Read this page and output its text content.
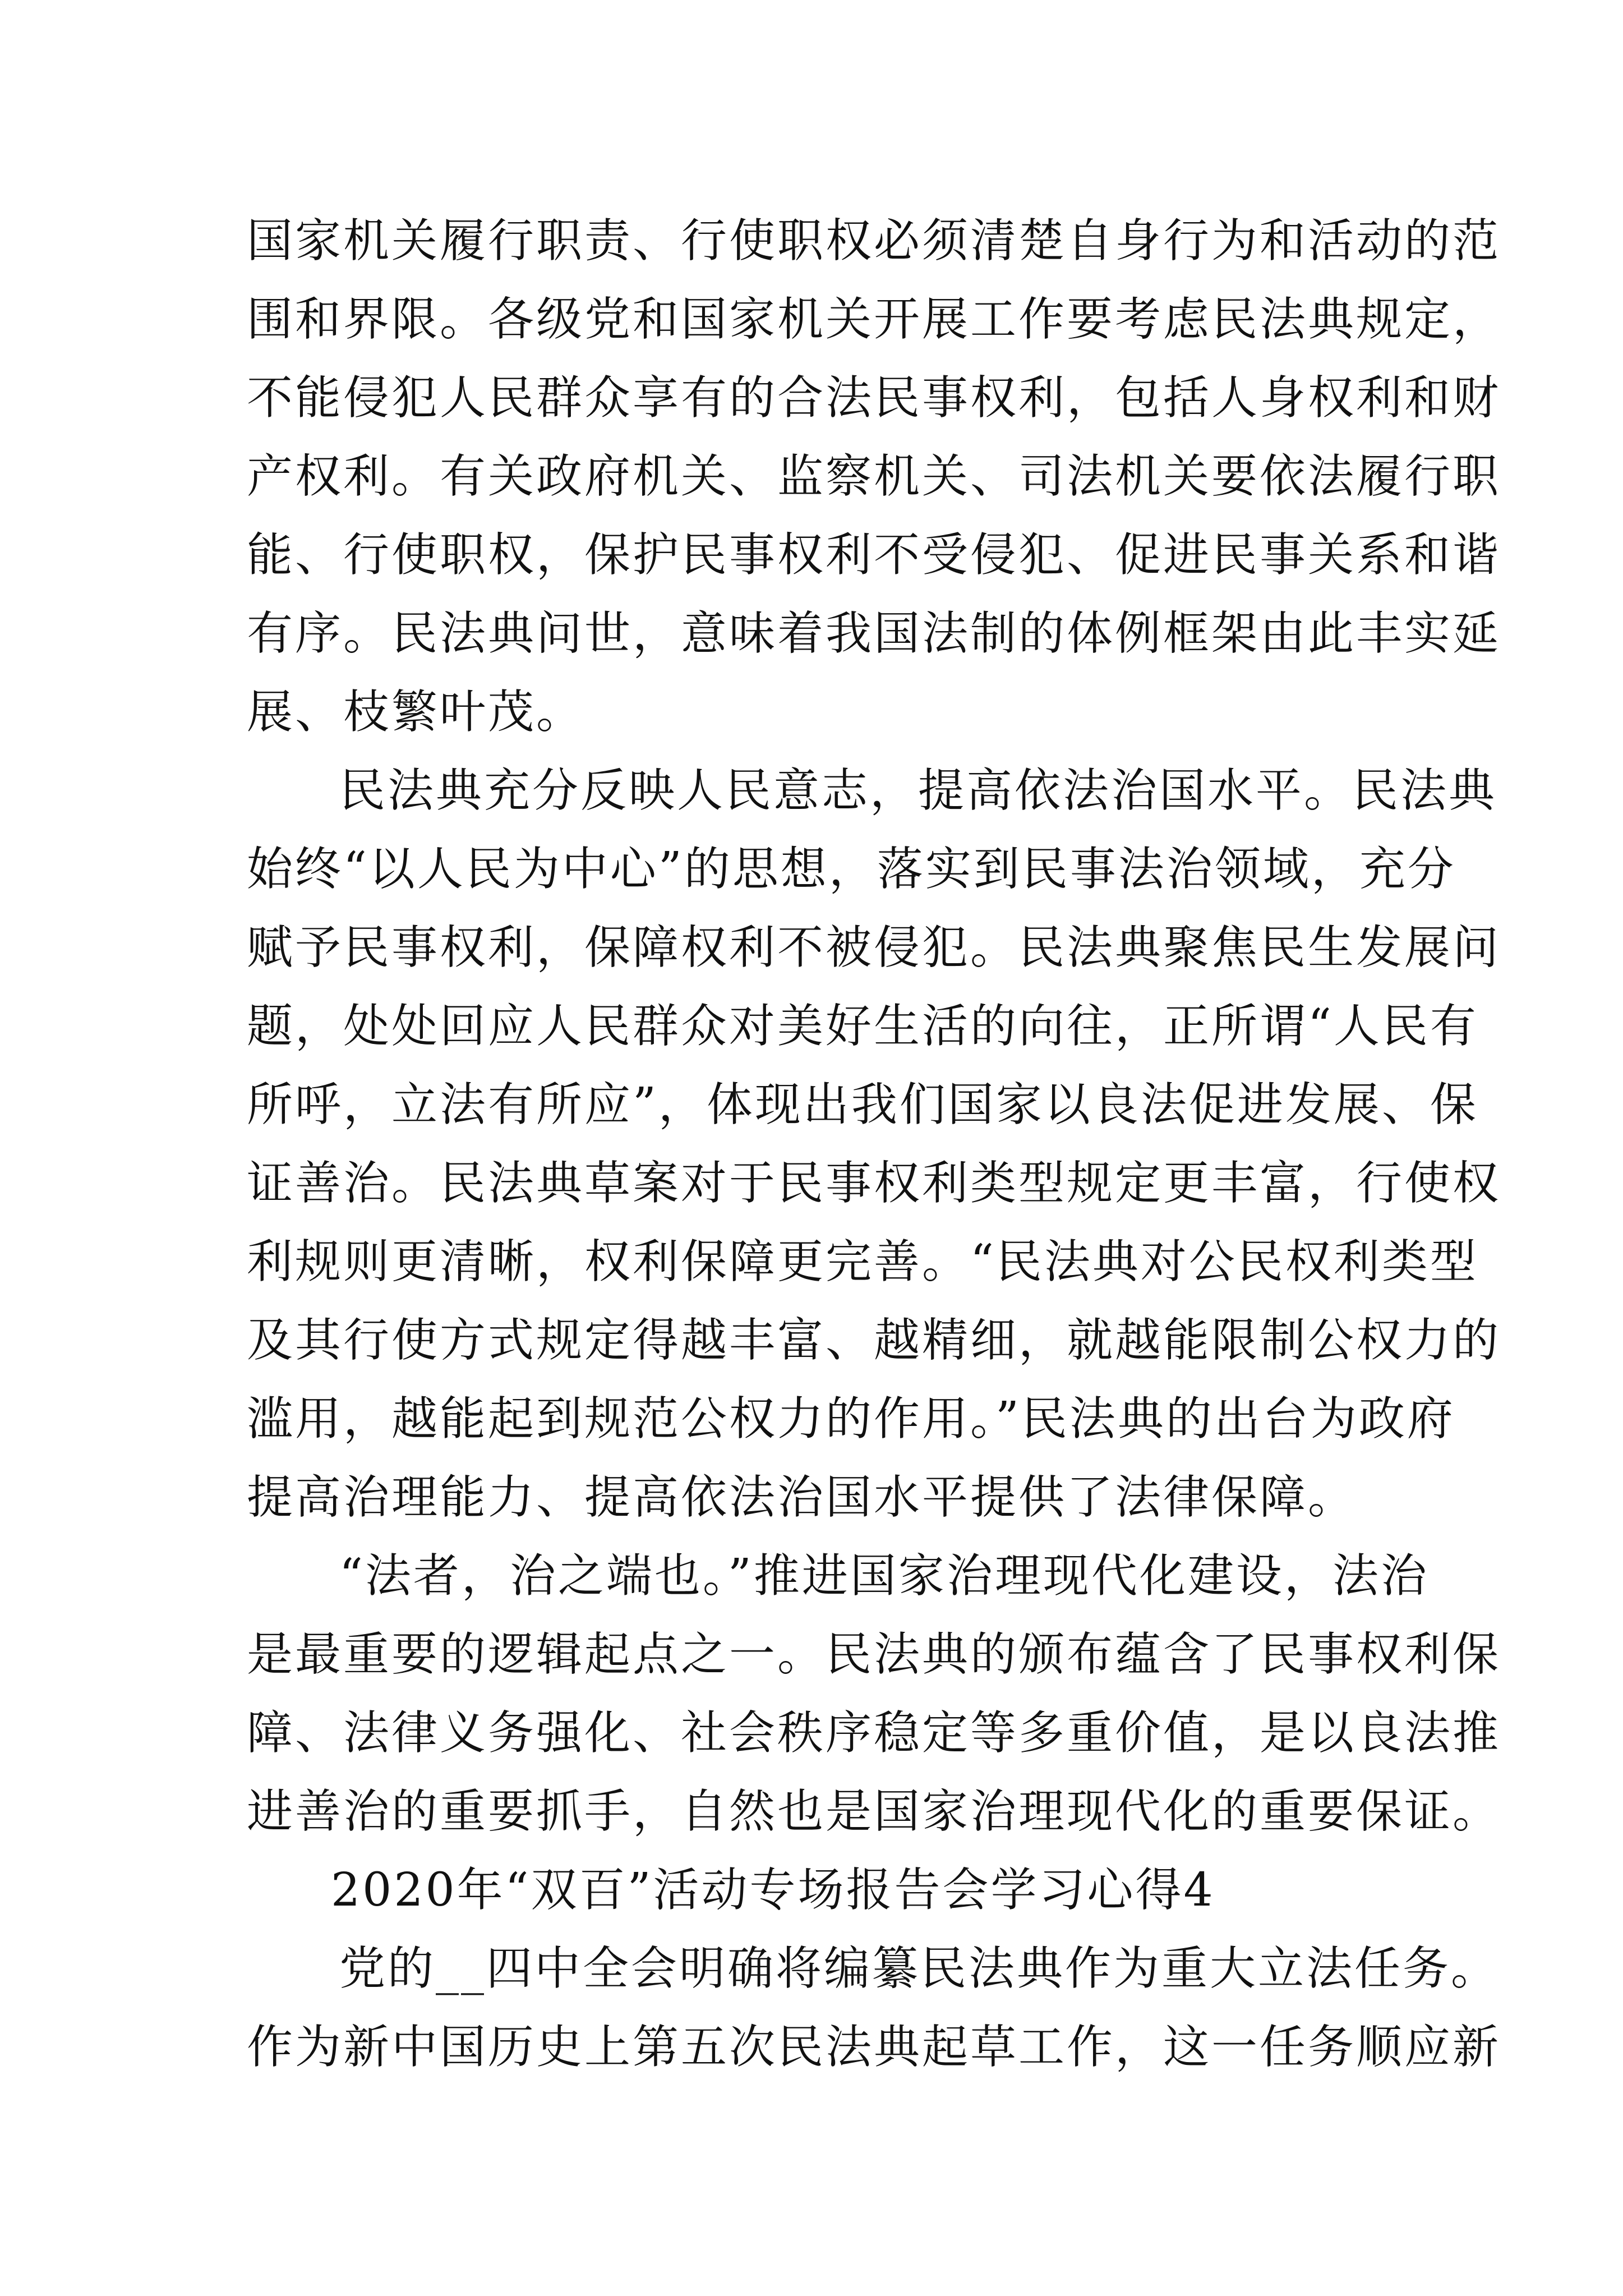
国家机关履行职责、行使职权必须清楚自身行为和活动的范
围和界限。各级党和国家机关开展工作要考虑民法典规定，
不能侵犯人民群众享有的合法民事权利，包括人身权利和财
产权利。有关政府机关、监察机关、司法机关要依法履行职
能、行使职权，保护民事权利不受侵犯、促进民事关系和谐
有序。民法典问世，意味着我国法制的体例框架由此丰实延
展、枝繁叶茂。
民法典充分反映人民意志，提高依法治国水平。民法典
始终“以人民为中心”的思想，落实到民事法治领域，充分
赋予民事权利，保障权利不被侵犯。民法典聚焦民生发展问
题，处处回应人民群众对美好生活的向往，正所谓“人民有
所呼，立法有所应”，体现出我们国家以良法促进发展、保
证善治。民法典草案对于民事权利类型规定更丰富，行使权
利规则更清晰，权利保障更完善。“民法典对公民权利类型
及其行使方式规定得越丰富、越精细，就越能限制公权力的
滥用，越能起到规范公权力的作用。”民法典的出台为政府
提高治理能力、提高依法治国水平提供了法律保障。
“法者，治之端也。”推进国家治理现代化建设，法治
是最重要的逻辑起点之一。民法典的颁布蕴含了民事权利保
障、法律义务强化、社会秩序稳定等多重价值，是以良法推
进善治的重要抓手，自然也是国家治理现代化的重要保证。
2020年“双百”活动专场报告会学习心得4
党的__四中全会明确将编纂民法典作为重大立法任务。
作为新中国历史上第五次民法典起草工作，这一任务顺应新
